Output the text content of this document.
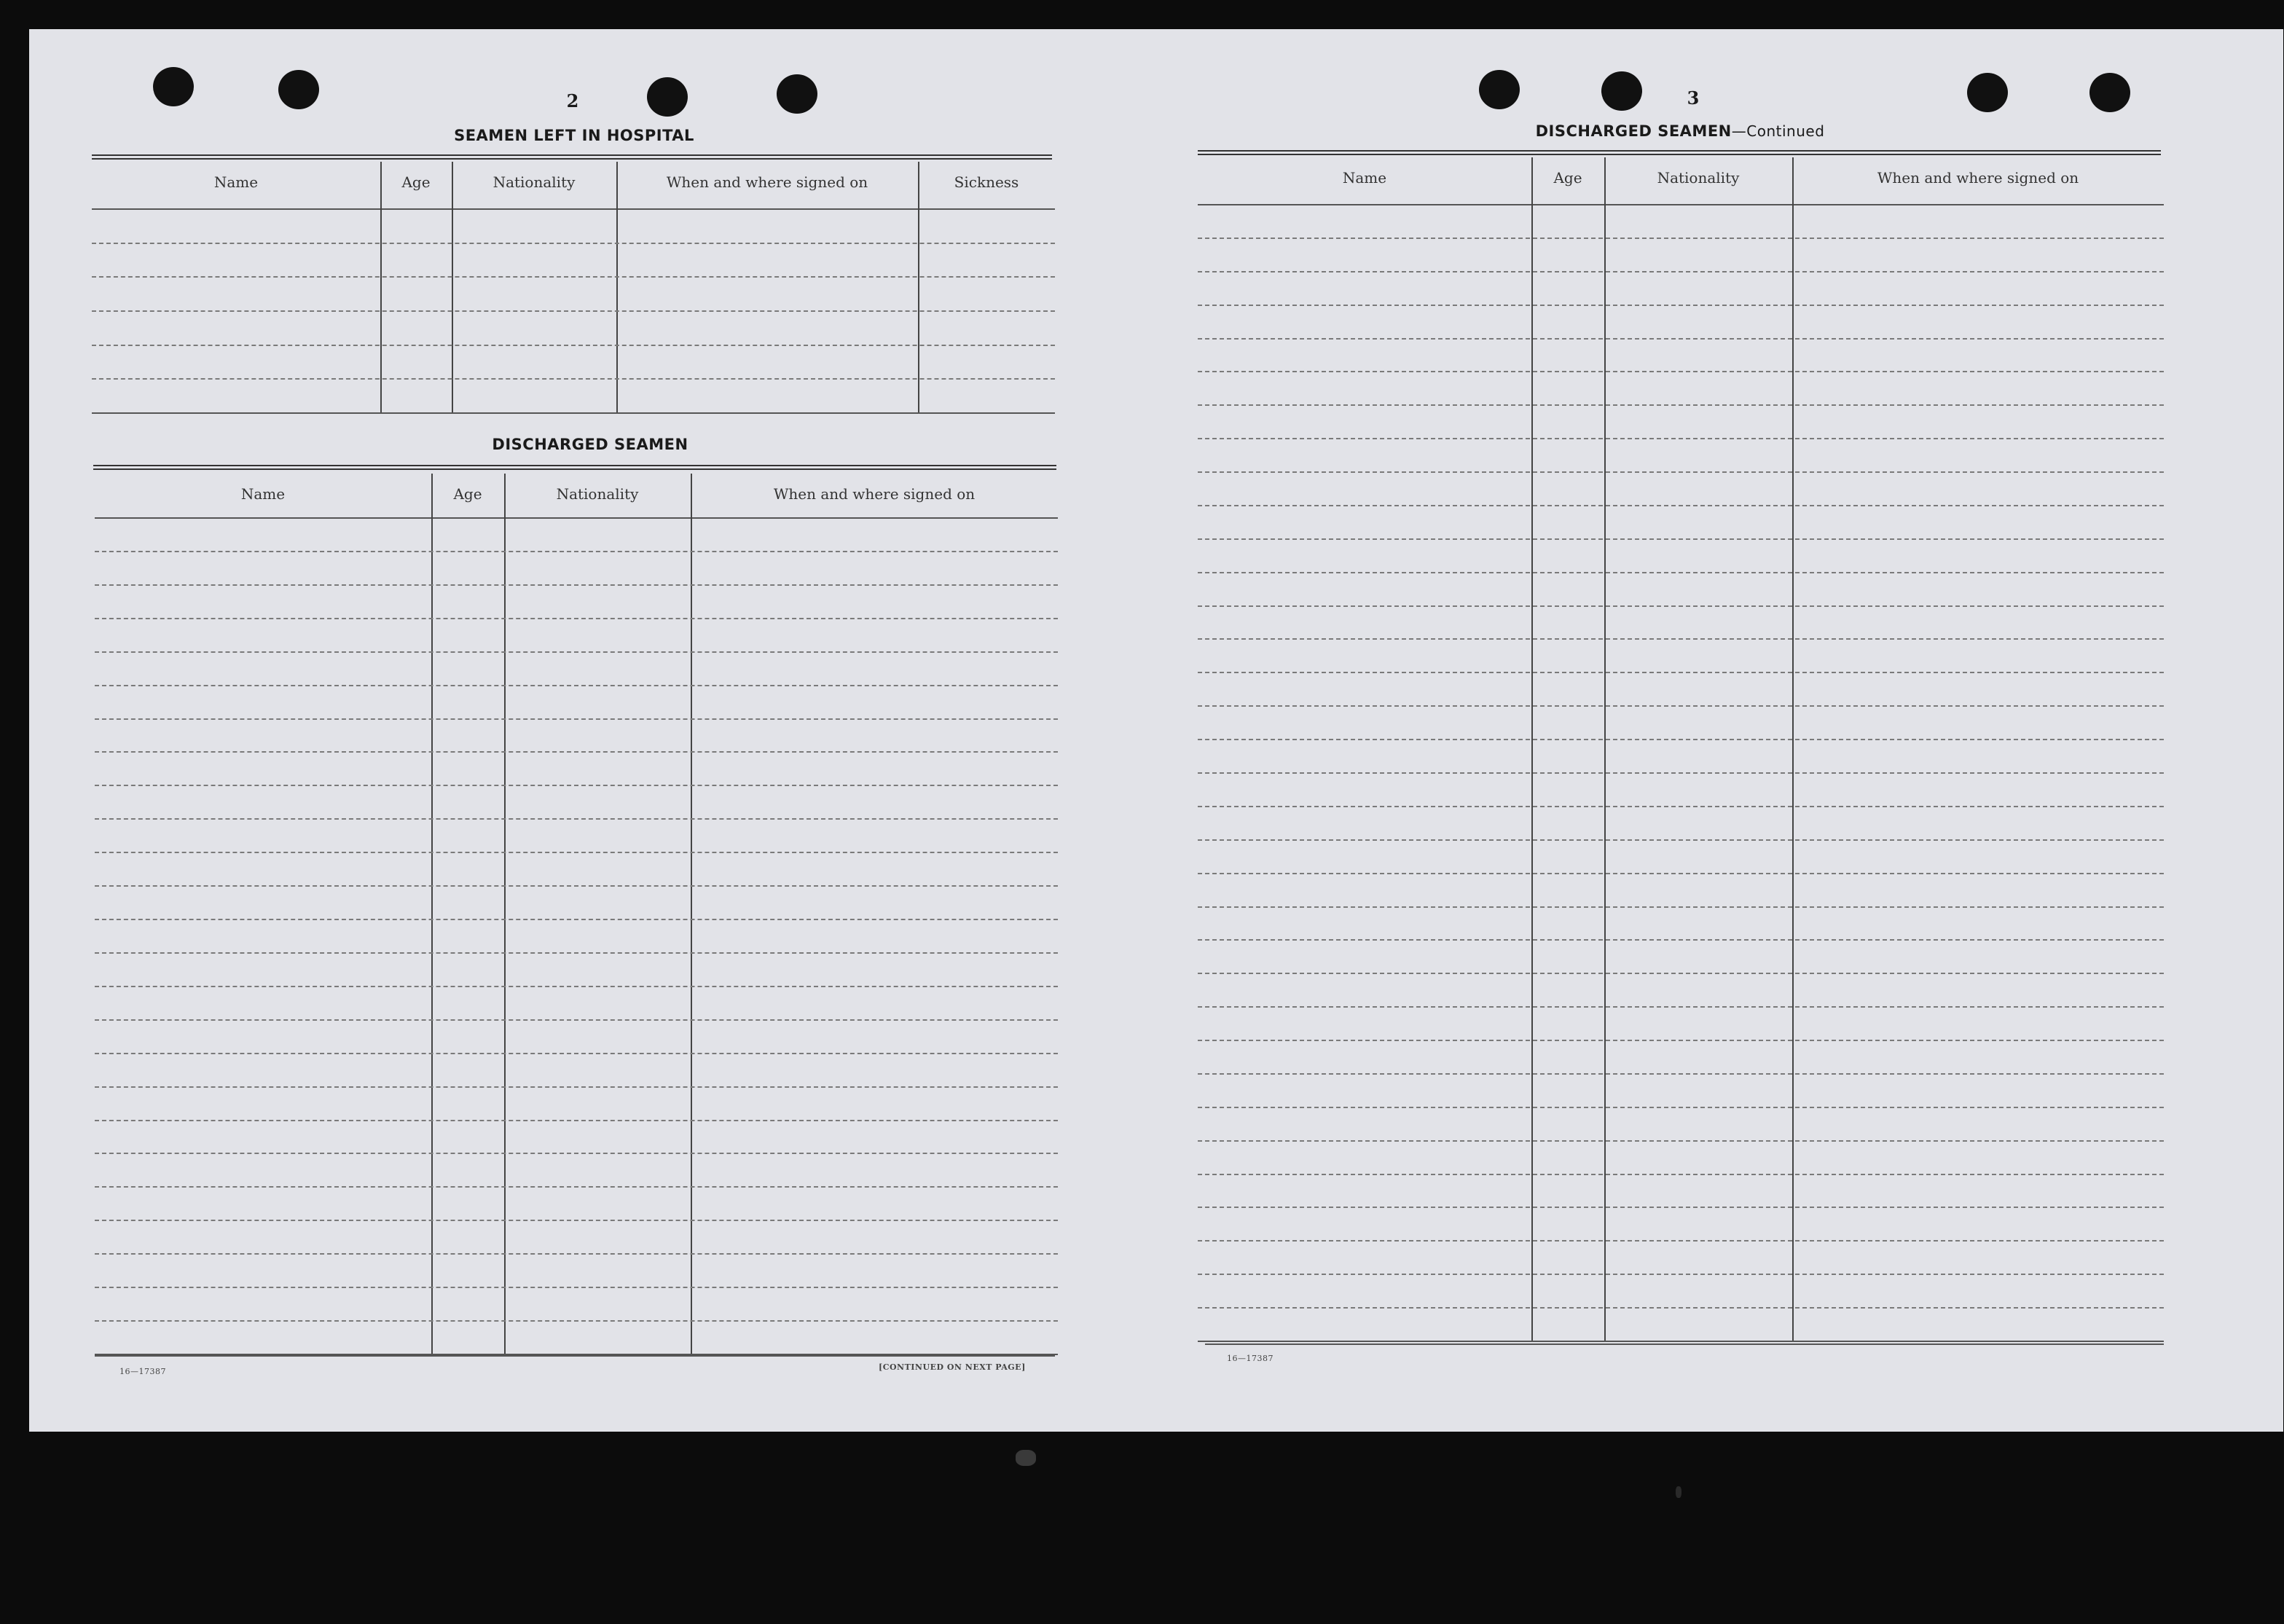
2
SEAMEN LEFT IN HOSPITAL
DISCHARGED SEAMEN
16—17387	[CONTINUED ON NEXT PAGE]
3
DISCHARGED SEAMEN—Continued
16—17387
Name	Age	Nationality	When and where signed on	Sickness
Name	Age	Nationality	When and where signed on
Name	Age	Nationality	When and where signed on
